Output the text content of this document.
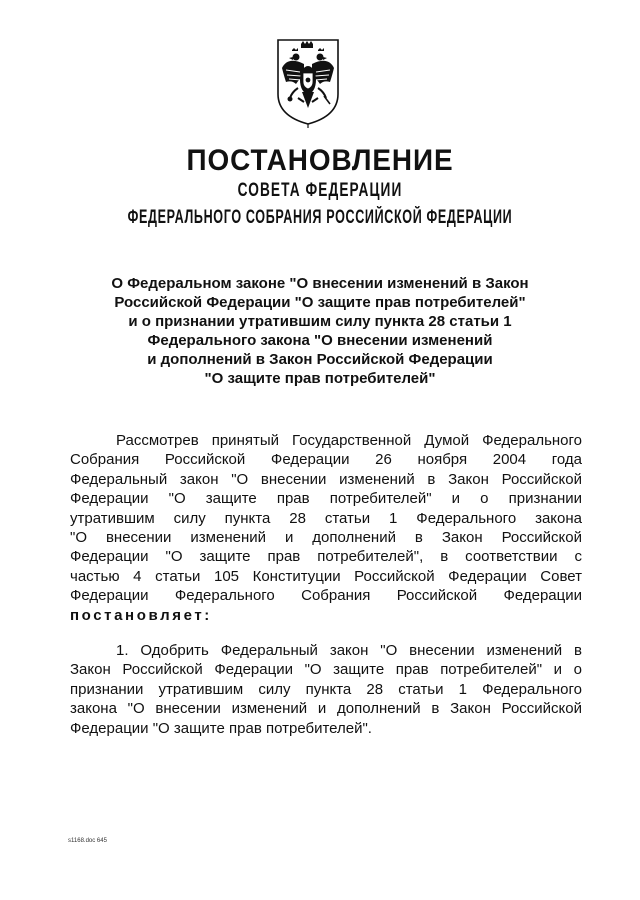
ПОСТАНОВЛЕНИЕ
СОВЕТА ФЕДЕРАЦИИ
ФЕДЕРАЛЬНОГО СОБРАНИЯ РОССИЙСКОЙ ФЕДЕРАЦИИ

О Федеральном законе "О внесении изменений в Закон
Российской Федерации "О защите прав потребителей"
и о признании утратившим силу пункта 28 статьи 1
Федерального закона "О внесении изменений
и дополнений в Закон Российской Федерации
"О защите прав потребителей"

Рассмотрев принятый Государственной Думой Федерального
Собрания Российской Федерации 26 ноября 2004 года
Федеральный закон "О внесении изменений в Закон Российской
Федерации "О защите прав потребителей" и о признании
утратившим силу пункта 28 статьи 1 Федерального закона
"О внесении изменений и дополнений в Закон Российской
Федерации "О защите прав потребителей", в соответствии с
частью 4 статьи 105 Конституции Российской Федерации Совет
Федерации Федерального Собрания Российской Федерации
постановляет:
1. Одобрить Федеральный закон "О внесении изменений в
Закон Российской Федерации "О защите прав потребителей" и о
признании утратившим силу пункта 28 статьи 1 Федерального
закона "О внесении изменений и дополнений в Закон Российской
Федерации "О защите прав потребителей".
s1168.doc 645
